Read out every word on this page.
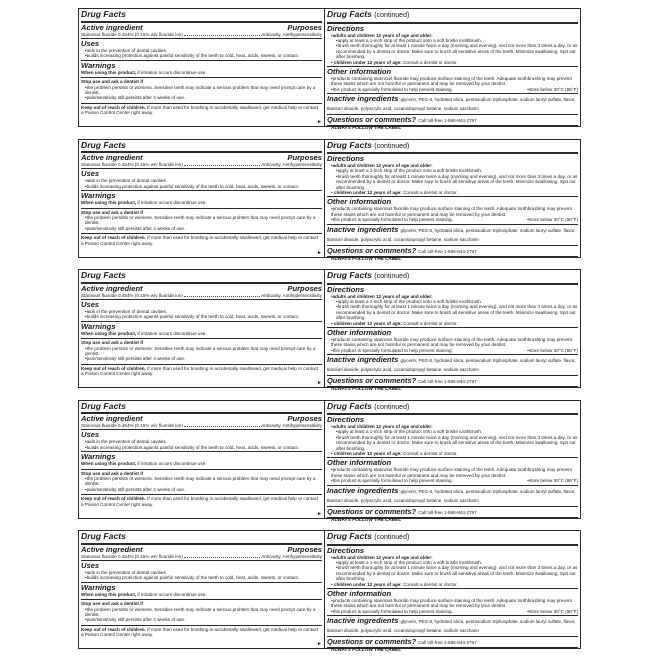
Drug Facts
Active ingredient	Purposes
Stannous fluoride 0.454% (0.15% w/v fluoride ion)	Anticavity, Antihypersensitivity
Uses
• aids in the prevention of dental cavities.
• builds increasing protection against painful sensitivity of the teeth to cold, heat, acids, sweets, or contact.
Warnings
When using this product, if irritation occurs discontinue use.
Stop use and ask a dentist if
• the problem persists or worsens. Sensitive teeth may indicate a serious problem that may need prompt care by a dentist.
• pain/sensitivity still persists after 4 weeks of use.
Keep out of reach of children. If more than used for brushing is accidentally swallowed, get medical help or contact a Poison Control Center right away.
►
Drug Facts (continued)
Directions
• adults and children 12 years of age and older:
• apply at least a 1-inch strip of the product onto a soft bristle toothbrush.
• brush teeth thoroughly for at least 1 minute twice a day (morning and evening), and not more than 3 times a day, or as recommended by a dentist or doctor. Make sure to brush all sensitive areas of the teeth. Minimize swallowing. Spit out after brushing.
• children under 12 years of age: Consult a dentist or doctor.
Other information
• products containing stannous fluoride may produce surface staining of the teeth. Adequate toothbrushing may prevent these stains which are not harmful or permanent and may be removed by your dentist.
• this product is specially formulated to help prevent staining.	• store below 30°C (86°F)
Inactive ingredients glycerin, PEG-8, hydrated silica, pentasodium triphosphate, sodium lauryl sulfate, flavor, titanium dioxide, polyacrylic acid, cocamidopropyl betaine, sodium saccharin
Questions or comments? Call toll-free 1-866-844-2797
ALWAYS FOLLOW THE LABEL
Drug Facts
Active ingredient	Purposes
Stannous fluoride 0.454% (0.15% w/v fluoride ion)	Anticavity, Antihypersensitivity
Uses
• aids in the prevention of dental cavities.
• builds increasing protection against painful sensitivity of the teeth to cold, heat, acids, sweets, or contact.
Warnings
When using this product, if irritation occurs discontinue use.
Stop use and ask a dentist if
• the problem persists or worsens. Sensitive teeth may indicate a serious problem that may need prompt care by a dentist.
• pain/sensitivity still persists after 4 weeks of use.
Keep out of reach of children. If more than used for brushing is accidentally swallowed, get medical help or contact a Poison Control Center right away.
►
Drug Facts (continued)
Directions
• adults and children 12 years of age and older:
• apply at least a 1-inch strip of the product onto a soft bristle toothbrush.
• brush teeth thoroughly for at least 1 minute twice a day (morning and evening), and not more than 3 times a day, or as recommended by a dentist or doctor. Make sure to brush all sensitive areas of the teeth. Minimize swallowing. Spit out after brushing.
• children under 12 years of age: Consult a dentist or doctor.
Other information
• products containing stannous fluoride may produce surface staining of the teeth. Adequate toothbrushing may prevent these stains which are not harmful or permanent and may be removed by your dentist.
• this product is specially formulated to help prevent staining.	• store below 30°C (86°F)
Inactive ingredients glycerin, PEG-8, hydrated silica, pentasodium triphosphate, sodium lauryl sulfate, flavor, titanium dioxide, polyacrylic acid, cocamidopropyl betaine, sodium saccharin
Questions or comments? Call toll-free 1-866-844-2797
ALWAYS FOLLOW THE LABEL
Drug Facts
Active ingredient	Purposes
Stannous fluoride 0.454% (0.15% w/v fluoride ion)	Anticavity, Antihypersensitivity
Uses
• aids in the prevention of dental cavities.
• builds increasing protection against painful sensitivity of the teeth to cold, heat, acids, sweets, or contact.
Warnings
When using this product, if irritation occurs discontinue use.
Stop use and ask a dentist if
• the problem persists or worsens. Sensitive teeth may indicate a serious problem that may need prompt care by a dentist.
• pain/sensitivity still persists after 4 weeks of use.
Keep out of reach of children. If more than used for brushing is accidentally swallowed, get medical help or contact a Poison Control Center right away.
►
Drug Facts (continued)
Directions
• adults and children 12 years of age and older:
• apply at least a 1-inch strip of the product onto a soft bristle toothbrush.
• brush teeth thoroughly for at least 1 minute twice a day (morning and evening), and not more than 3 times a day, or as recommended by a dentist or doctor. Make sure to brush all sensitive areas of the teeth. Minimize swallowing. Spit out after brushing.
• children under 12 years of age: Consult a dentist or doctor.
Other information
• products containing stannous fluoride may produce surface staining of the teeth. Adequate toothbrushing may prevent these stains which are not harmful or permanent and may be removed by your dentist.
• this product is specially formulated to help prevent staining.	• store below 30°C (86°F)
Inactive ingredients glycerin, PEG-8, hydrated silica, pentasodium triphosphate, sodium lauryl sulfate, flavor, titanium dioxide, polyacrylic acid, cocamidopropyl betaine, sodium saccharin
Questions or comments? Call toll-free 1-866-844-2797
ALWAYS FOLLOW THE LABEL
Drug Facts
Active ingredient	Purposes
Stannous fluoride 0.454% (0.15% w/v fluoride ion)	Anticavity, Antihypersensitivity
Uses
• aids in the prevention of dental cavities.
• builds increasing protection against painful sensitivity of the teeth to cold, heat, acids, sweets, or contact.
Warnings
When using this product, if irritation occurs discontinue use.
Stop use and ask a dentist if
• the problem persists or worsens. Sensitive teeth may indicate a serious problem that may need prompt care by a dentist.
• pain/sensitivity still persists after 4 weeks of use.
Keep out of reach of children. If more than used for brushing is accidentally swallowed, get medical help or contact a Poison Control Center right away.
►
Drug Facts (continued)
Directions
• adults and children 12 years of age and older:
• apply at least a 1-inch strip of the product onto a soft bristle toothbrush.
• brush teeth thoroughly for at least 1 minute twice a day (morning and evening), and not more than 3 times a day, or as recommended by a dentist or doctor. Make sure to brush all sensitive areas of the teeth. Minimize swallowing. Spit out after brushing.
• children under 12 years of age: Consult a dentist or doctor.
Other information
• products containing stannous fluoride may produce surface staining of the teeth. Adequate toothbrushing may prevent these stains which are not harmful or permanent and may be removed by your dentist.
• this product is specially formulated to help prevent staining.	• store below 30°C (86°F)
Inactive ingredients glycerin, PEG-8, hydrated silica, pentasodium triphosphate, sodium lauryl sulfate, flavor, titanium dioxide, polyacrylic acid, cocamidopropyl betaine, sodium saccharin
Questions or comments? Call toll-free 1-866-844-2797
ALWAYS FOLLOW THE LABEL
Drug Facts
Active ingredient	Purposes
Stannous fluoride 0.454% (0.15% w/v fluoride ion)	Anticavity, Antihypersensitivity
Uses
• aids in the prevention of dental cavities.
• builds increasing protection against painful sensitivity of the teeth to cold, heat, acids, sweets, or contact.
Warnings
When using this product, if irritation occurs discontinue use.
Stop use and ask a dentist if
• the problem persists or worsens. Sensitive teeth may indicate a serious problem that may need prompt care by a dentist.
• pain/sensitivity still persists after 4 weeks of use.
Keep out of reach of children. If more than used for brushing is accidentally swallowed, get medical help or contact a Poison Control Center right away.
►
Drug Facts (continued)
Directions
• adults and children 12 years of age and older:
• apply at least a 1-inch strip of the product onto a soft bristle toothbrush.
• brush teeth thoroughly for at least 1 minute twice a day (morning and evening), and not more than 3 times a day, or as recommended by a dentist or doctor. Make sure to brush all sensitive areas of the teeth. Minimize swallowing. Spit out after brushing.
• children under 12 years of age: Consult a dentist or doctor.
Other information
• products containing stannous fluoride may produce surface staining of the teeth. Adequate toothbrushing may prevent these stains which are not harmful or permanent and may be removed by your dentist.
• this product is specially formulated to help prevent staining.	• store below 30°C (86°F)
Inactive ingredients glycerin, PEG-8, hydrated silica, pentasodium triphosphate, sodium lauryl sulfate, flavor, titanium dioxide, polyacrylic acid, cocamidopropyl betaine, sodium saccharin
Questions or comments? Call toll-free 1-866-844-2797
ALWAYS FOLLOW THE LABEL
